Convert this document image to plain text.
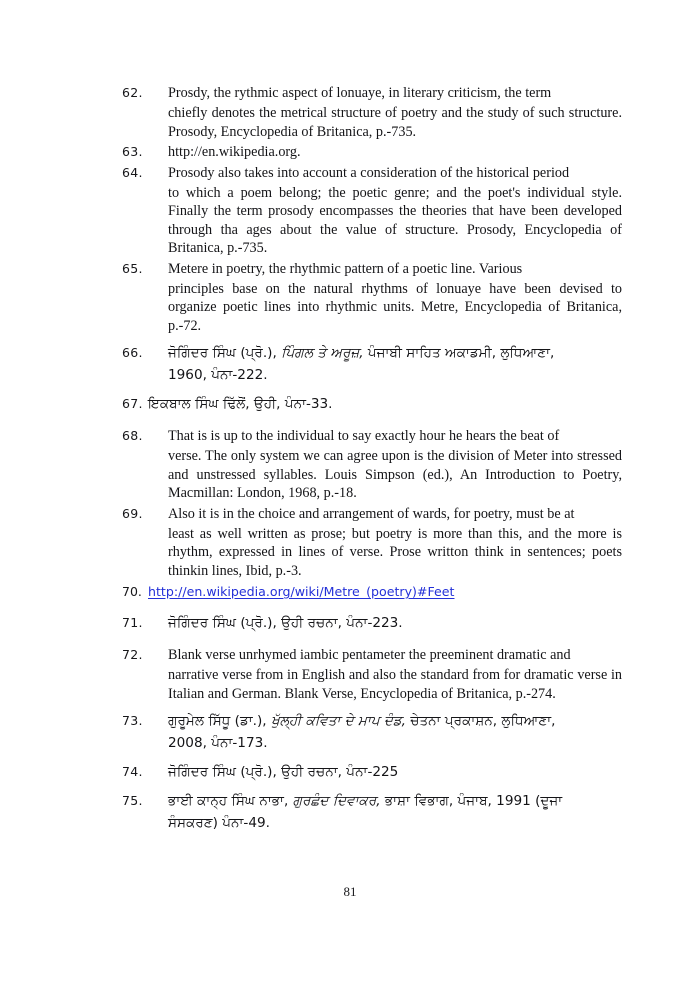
62.	Prosdy, the rythmic aspect of lonuaye, in literary criticism, the term
chiefly denotes the metrical structure of poetry and the study of such structure. Prosody, Encyclopedia of Britanica, p.-735.
63.	http://en.wikipedia.org.
64.	Prosody also takes into account a consideration of the historical period
to which a poem belong; the poetic genre; and the poet's individual style. Finally the term prosody encompasses the theories that have been developed through tha ages about the value of structure. Prosody, Encyclopedia of Britanica, p.-735.
65.	Metere in poetry, the rhythmic pattern of a poetic line. Various
principles base on the natural rhythms of lonuaye have been devised to organize poetic lines into rhythmic units. Metre, Encyclopedia of Britanica, p.-72.
66.	ਜੋਗਿੰਦਰ ਸਿੰਘ (ਪ੍ਰੋ.), ਪਿੰਗਲ ਤੇ ਅਰੂਜ਼, ਪੰਜਾਬੀ ਸਾਹਿਤ ਅਕਾਡਮੀ, ਲੁਧਿਆਣਾ,
1960, ਪੰਨਾ-222.
67. ਇਕਬਾਲ ਸਿੰਘ ਢਿੱਲੋਂ, ਉਹੀ, ਪੰਨਾ-33.
68.	That is is up to the individual to say exactly hour he hears the beat of
verse. The only system we can agree upon is the division of Meter into stressed and unstressed syllables. Louis Simpson (ed.), An Introduction to Poetry, Macmillan: London, 1968, p.-18.
69.	Also it is in the choice and arrangement of wards, for poetry, must be at
least as well written as prose; but poetry is more than this, and the more is rhythm, expressed in lines of verse. Prose writton think in sentences; poets thinkin lines, Ibid, p.-3.
70. http://en.wikipedia.org/wiki/Metre_(poetry)#Feet
71.	ਜੋਗਿੰਦਰ ਸਿੰਘ (ਪ੍ਰੋ.), ਉਹੀ ਰਚਨਾ, ਪੰਨਾ-223.
72.	Blank verse unrhymed iambic pentameter the preeminent dramatic and
narrative verse from in English and also the standard from for dramatic verse in Italian and German. Blank Verse, Encyclopedia of Britanica, p.-274.
73.	ਗੁਰੂਮੇਲ ਸਿੱਧੂ (ਡਾ.), ਖੁੱਲ੍ਹੀ ਕਵਿਤਾ ਦੇ ਮਾਪ ਦੰਡ, ਚੇਤਨਾ ਪ੍ਰਕਾਸ਼ਨ, ਲੁਧਿਆਣਾ,
2008, ਪੰਨਾ-173.
74.	ਜੋਗਿੰਦਰ ਸਿੰਘ (ਪ੍ਰੋ.), ਉਹੀ ਰਚਨਾ, ਪੰਨਾ-225
75.	ਭਾਈ ਕਾਨ੍ਹ ਸਿੰਘ ਨਾਭਾ, ਗੁਰਛੰਦ ਦਿਵਾਕਰ, ਭਾਸ਼ਾ ਵਿਭਾਗ, ਪੰਜਾਬ, 1991 (ਦੂਜਾ
ਸੰਸਕਰਣ) ਪੰਨਾ-49.
81
